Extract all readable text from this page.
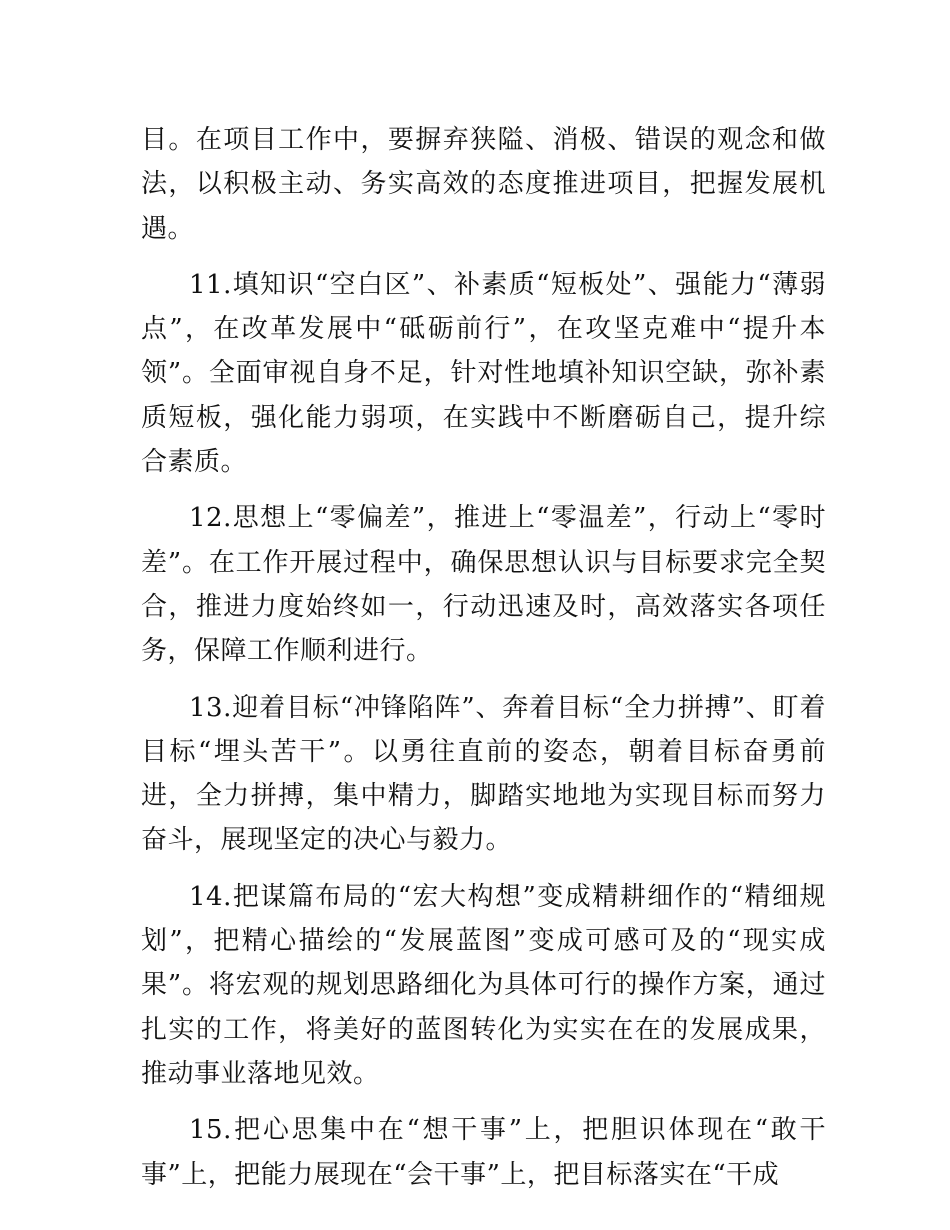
目。在项目工作中，要摒弃狭隘、消极、错误的观念和做法，以积极主动、务实高效的态度推进项目，把握发展机遇。

11.填知识“空白区”、补素质“短板处”、强能力“薄弱点”，在改革发展中“砥砺前行”，在攻坚克难中“提升本领”。全面审视自身不足，针对性地填补知识空缺，弥补素质短板，强化能力弱项，在实践中不断磨砺自己，提升综合素质。

12.思想上“零偏差”，推进上“零温差”，行动上“零时差”。在工作开展过程中，确保思想认识与目标要求完全契合，推进力度始终如一，行动迅速及时，高效落实各项任务，保障工作顺利进行。

13.迎着目标“冲锋陷阵”、奔着目标“全力拼搏”、盯着目标“埋头苦干”。以勇往直前的姿态，朝着目标奋勇前进，全力拼搏，集中精力，脚踏实地地为实现目标而努力奋斗，展现坚定的决心与毅力。

14.把谋篇布局的“宏大构想”变成精耕细作的“精细规划”，把精心描绘的“发展蓝图”变成可感可及的“现实成果”。将宏观的规划思路细化为具体可行的操作方案，通过扎实的工作，将美好的蓝图转化为实实在在的发展成果，推动事业落地见效。

15.把心思集中在“想干事”上，把胆识体现在“敢干事”上，把能力展现在“会干事”上，把目标落实在“干成
